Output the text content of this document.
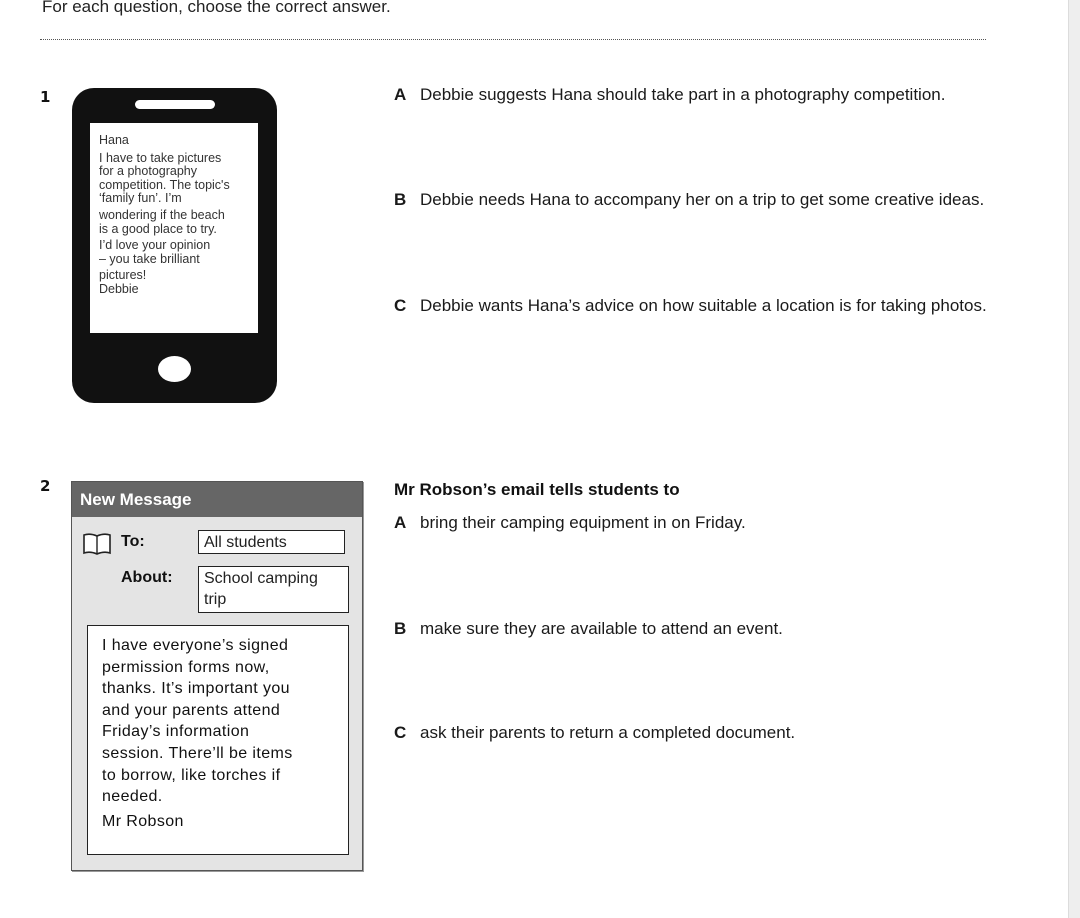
For each question, choose the correct answer.
1
Hana
I have to take pictures
for a photography
competition. The topic's
‘family fun’. I’m
wondering if the beach
is a good place to try.
I’d love your opinion
– you take brilliant
pictures!
Debbie
A Debbie suggests Hana should take part in a photography competition.
B Debbie needs Hana to accompany her on a trip to get some creative ideas.
C Debbie wants Hana’s advice on how suitable a location is for taking photos.
2
New Message
To:	All students
About: School camping
trip
I have everyone’s signed
permission forms now,
thanks. It’s important you
and your parents attend
Friday’s information
session. There’ll be items
to borrow, like torches if
needed.
Mr Robson
Mr Robson’s email tells students to
A bring their camping equipment in on Friday.
B make sure they are available to attend an event.
C ask their parents to return a completed document.
